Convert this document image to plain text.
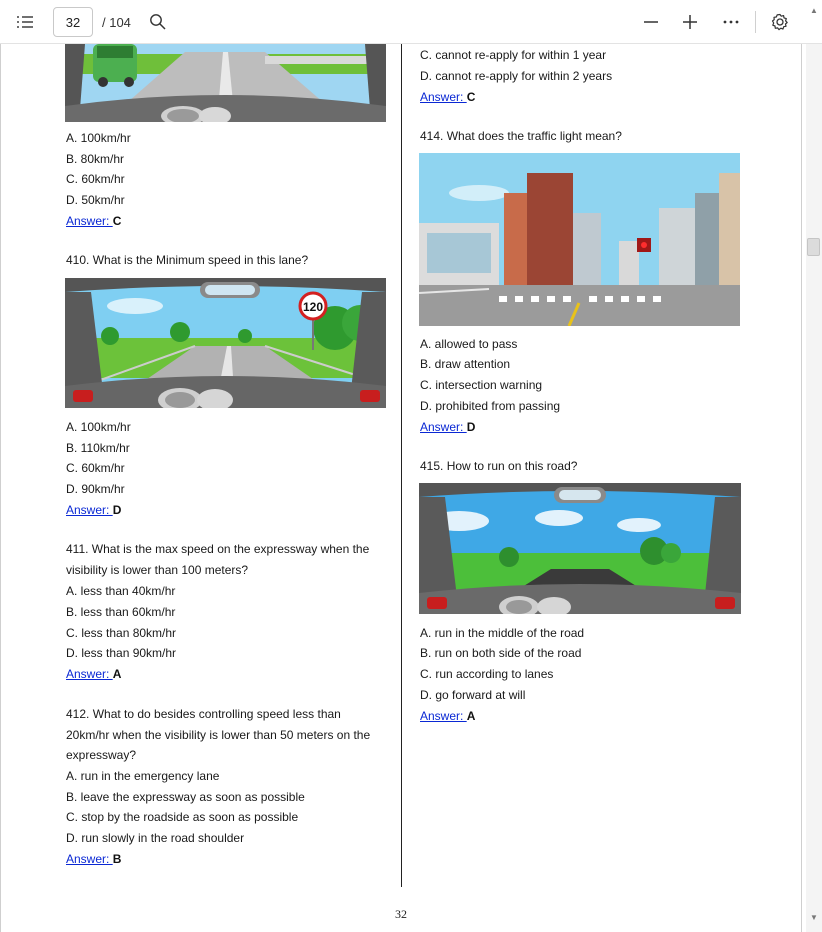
32
/ 104
▲
▼
A. 100km/hr
B. 80km/hr
C. 60km/hr
D. 50km/hr
Answer: C
410. What is the Minimum speed in this lane?
120
A. 100km/hr
B. 110km/hr
C. 60km/hr
D. 90km/hr
Answer: D
411. What is the max speed on the expressway when the
visibility is lower than 100 meters?
A. less than 40km/hr
B. less than 60km/hr
C. less than 80km/hr
D. less than 90km/hr
Answer: A
412. What to do besides controlling speed less than
20km/hr when the visibility is lower than 50 meters on the
expressway?
A. run in the emergency lane
B. leave the expressway as soon as possible
C. stop by the roadside as soon as possible
D. run slowly in the road shoulder
Answer: B
C. cannot re-apply for within 1 year
D. cannot re-apply for within 2 years
Answer: C
414. What does the traffic light mean?
A. allowed to pass
B. draw attention
C. intersection warning
D. prohibited from passing
Answer: D
415. How to run on this road?
A. run in the middle of the road
B. run on both side of the road
C. run according to lanes
D. go forward at will
Answer: A
32
